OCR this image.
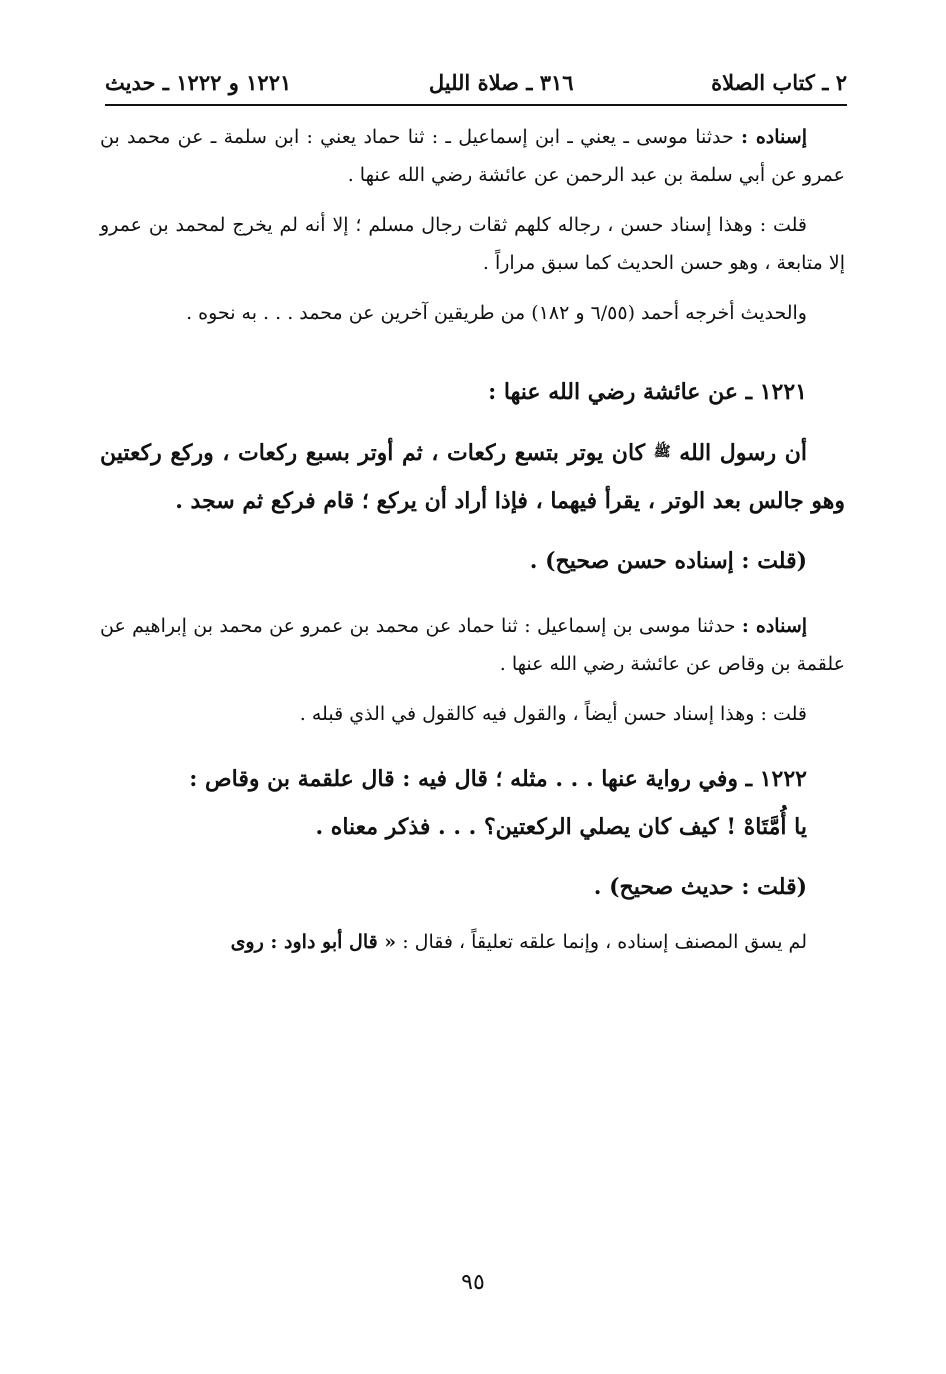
٢ ـ كتاب الصلاة
٣١٦ ـ صلاة الليل
١٢٢١ و ١٢٢٢ ـ حديث

إسناده : حدثنا موسى ـ يعني ـ ابن إسماعيل ـ : ثنا حماد يعني : ابن سلمة ـ عن محمد بن عمرو عن أبي سلمة بن عبد الرحمن عن عائشة رضي الله عنها .

قلت : وهذا إسناد حسن ، رجاله كلهم ثقات رجال مسلم ؛ إلا أنه لم يخرج لمحمد بن عمرو إلا متابعة ، وهو حسن الحديث كما سبق مراراً .

والحديث أخرجه أحمد (٦/٥٥ و ١٨٢) من طريقين آخرين عن محمد . . . به نحوه .

١٢٢١ ـ عن عائشة رضي الله عنها :

أن رسول الله ﷺ كان يوتر بتسع ركعات ، ثم أوتر بسبع ركعات ، وركع ركعتين وهو جالس بعد الوتر ، يقرأ فيهما ، فإذا أراد أن يركع ؛ قام فركع ثم سجد .

(قلت : إسناده حسن صحيح) .

إسناده : حدثنا موسى بن إسماعيل : ثنا حماد عن محمد بن عمرو عن محمد بن إبراهيم عن علقمة بن وقاص عن عائشة رضي الله عنها .

قلت : وهذا إسناد حسن أيضاً ، والقول فيه كالقول في الذي قبله .

١٢٢٢ ـ وفي رواية عنها . . . مثله ؛ قال فيه : قال علقمة بن وقاص :

يا أُمَّتَاهْ ! كيف كان يصلي الركعتين؟ . . . فذكر معناه .

(قلت : حديث صحيح) .

لم يسق المصنف إسناده ، وإنما علقه تعليقاً ، فقال : « قال أبو داود : روى

٩٥
